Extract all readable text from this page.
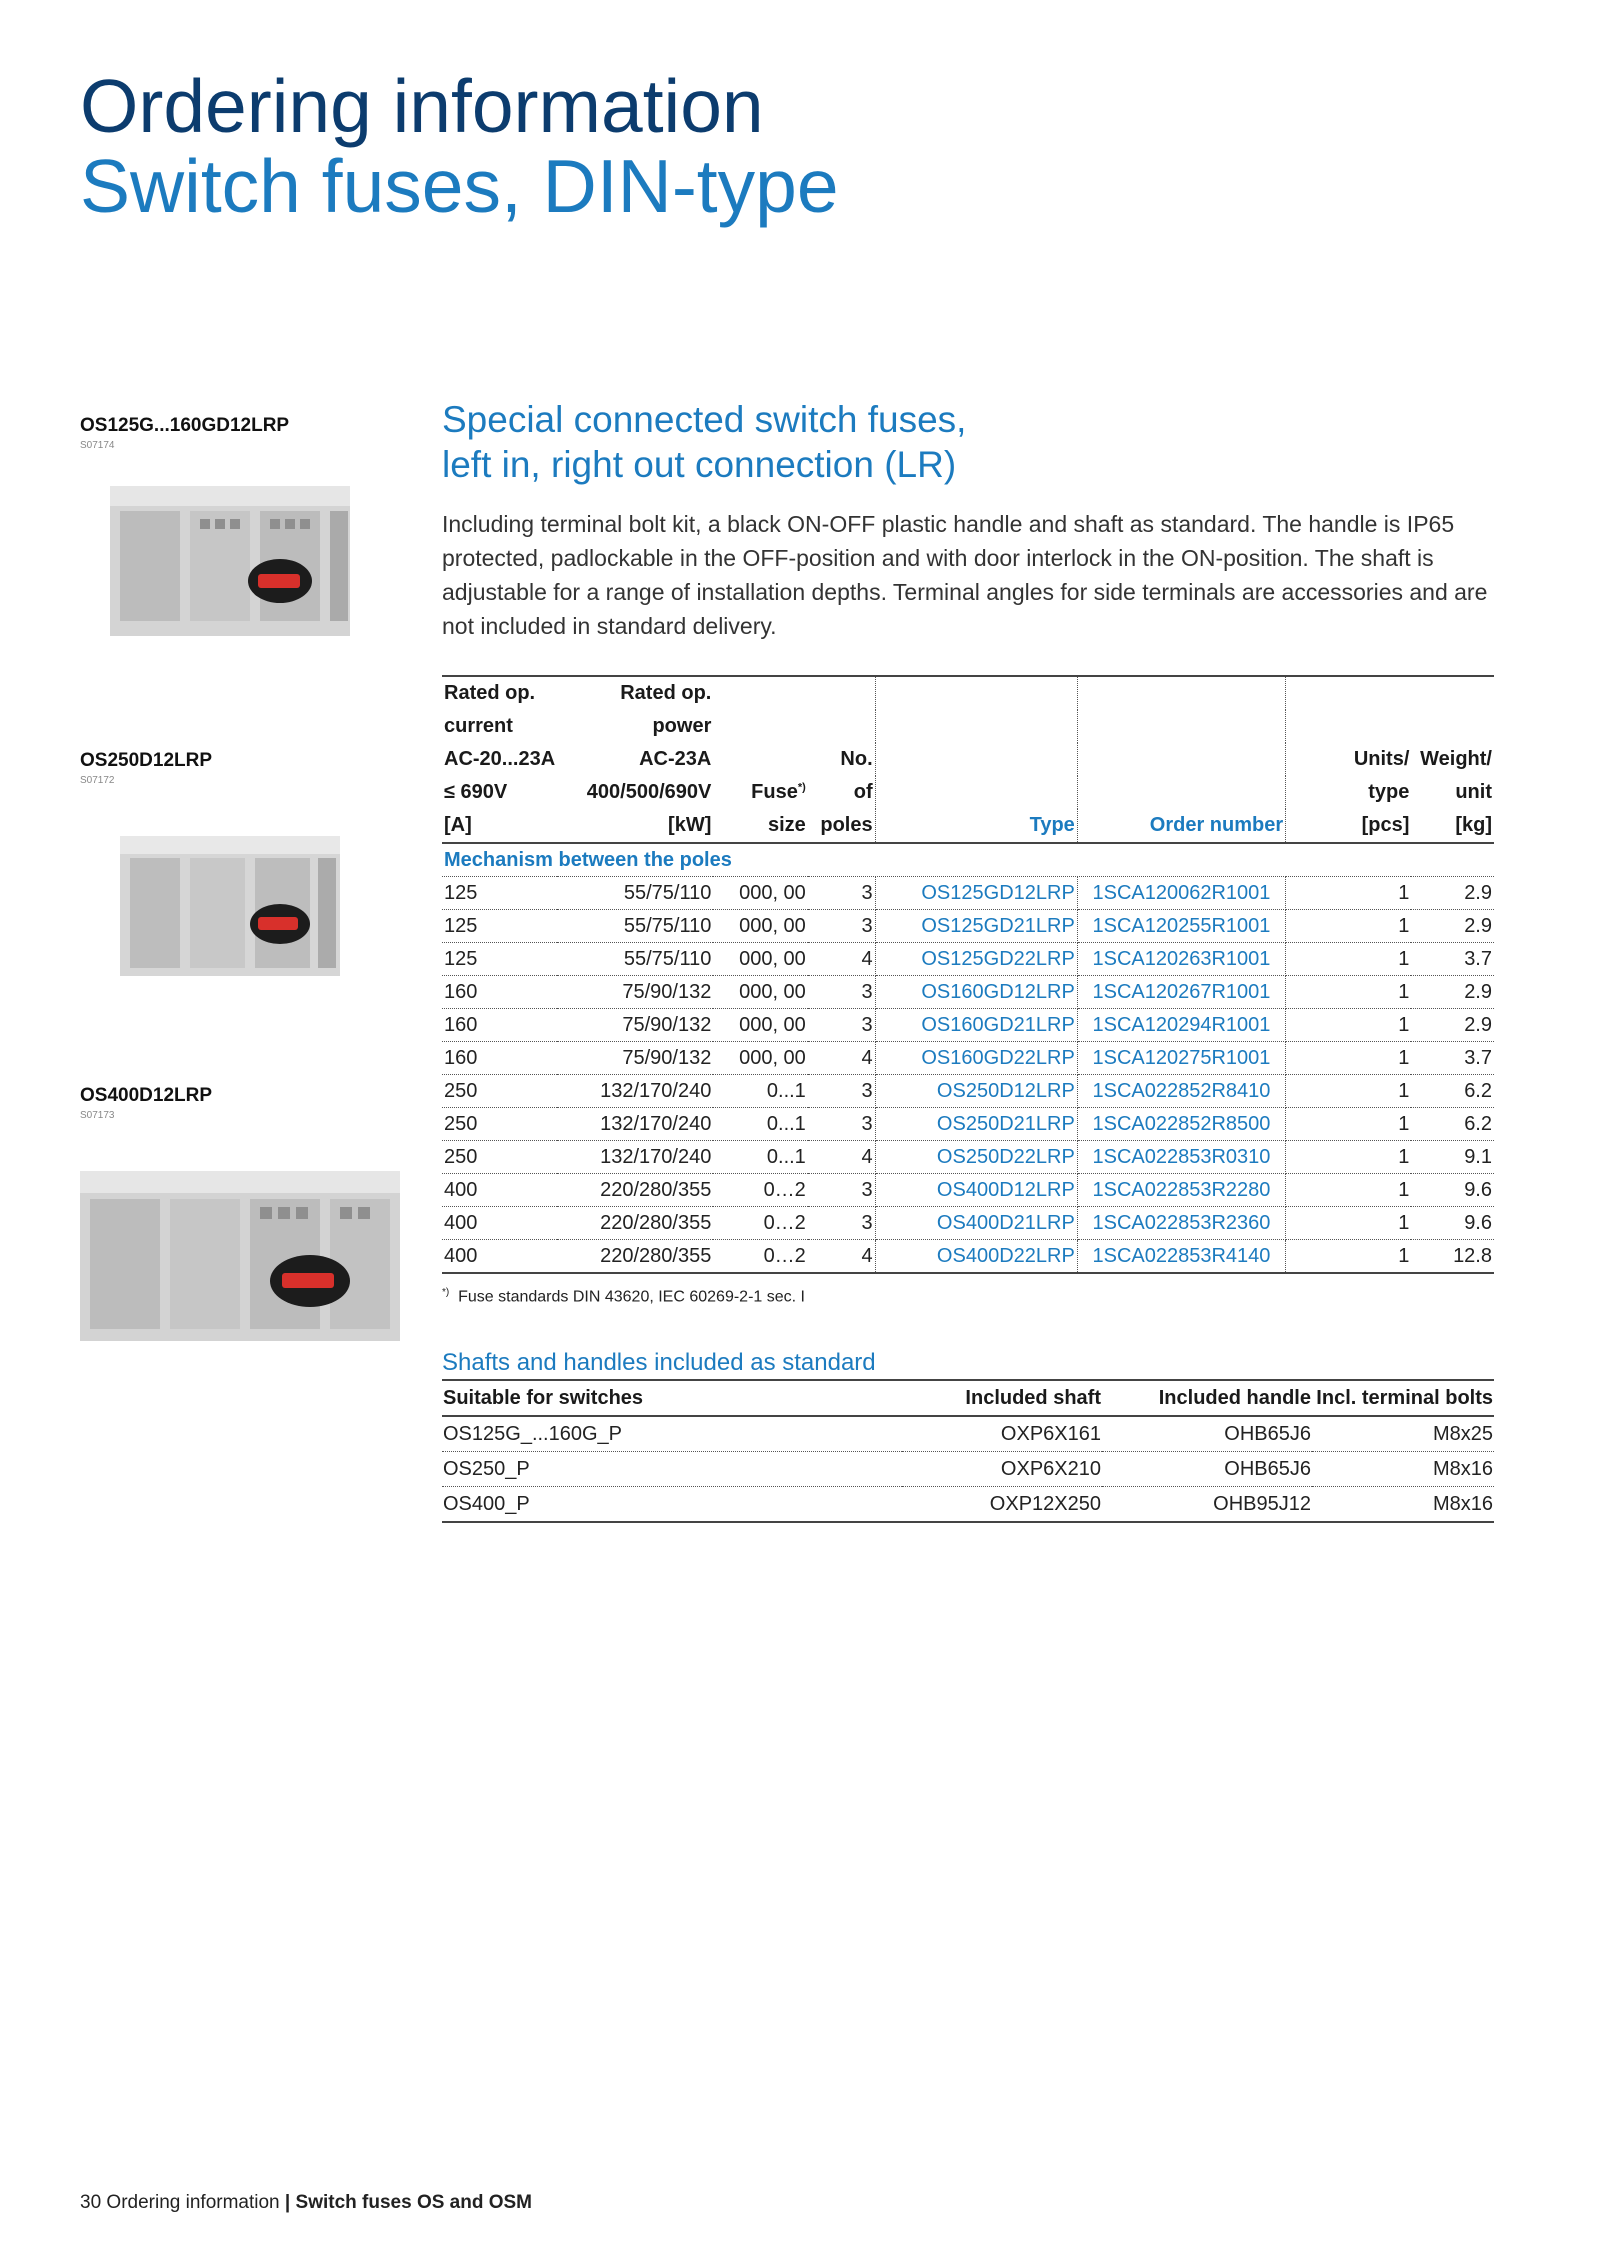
Ordering information
Switch fuses, DIN-type
OS125G...160GD12LRP
S07174
OS250D12LRP
S07172
OS400D12LRP
S07173
Special connected switch fuses,
left in, right out connection (LR)
Including terminal bolt kit, a black ON-OFF plastic handle and shaft as standard. The handle is IP65 protected, padlockable in the OFF-position and with door interlock in the ON-position. The shaft is adjustable for a range of installation depths. Terminal angles for side terminals are accessories and are not included in standard delivery.

Rated op.	Rated op.						
current	power						
AC-20...23A	AC-23A		No.			Units/	Weight/
≤ 690V	400/500/690V	Fuse*)	of			type	unit
[A]	[kW]	size	poles	Type	Order number	[pcs]	[kg]
Mechanism between the poles							
125	55/75/110	000, 00	3	OS125GD12LRP	1SCA120062R1001	1	2.9
125	55/75/110	000, 00	3	OS125GD21LRP	1SCA120255R1001	1	2.9
125	55/75/110	000, 00	4	OS125GD22LRP	1SCA120263R1001	1	3.7
160	75/90/132	000, 00	3	OS160GD12LRP	1SCA120267R1001	1	2.9
160	75/90/132	000, 00	3	OS160GD21LRP	1SCA120294R1001	1	2.9
160	75/90/132	000, 00	4	OS160GD22LRP	1SCA120275R1001	1	3.7
250	132/170/240	0...1	3	OS250D12LRP	1SCA022852R8410	1	6.2
250	132/170/240	0...1	3	OS250D21LRP	1SCA022852R8500	1	6.2
250	132/170/240	0...1	4	OS250D22LRP	1SCA022853R0310	1	9.1
400	220/280/355	0…2	3	OS400D12LRP	1SCA022853R2280	1	9.6
400	220/280/355	0…2	3	OS400D21LRP	1SCA022853R2360	1	9.6
400	220/280/355	0…2	4	OS400D22LRP	1SCA022853R4140	1	12.8
*) Fuse standards DIN 43620, IEC 60269-2-1 sec. I
Shafts and handles included as standard
Suitable for switches	Included shaft	Included handle	Incl. terminal bolts
OS125G_...160G_P	OXP6X161	OHB65J6	M8x25
OS250_P	OXP6X210	OHB65J6	M8x16
OS400_P	OXP12X250	OHB95J12	M8x16
30 Ordering information | Switch fuses OS and OSM
